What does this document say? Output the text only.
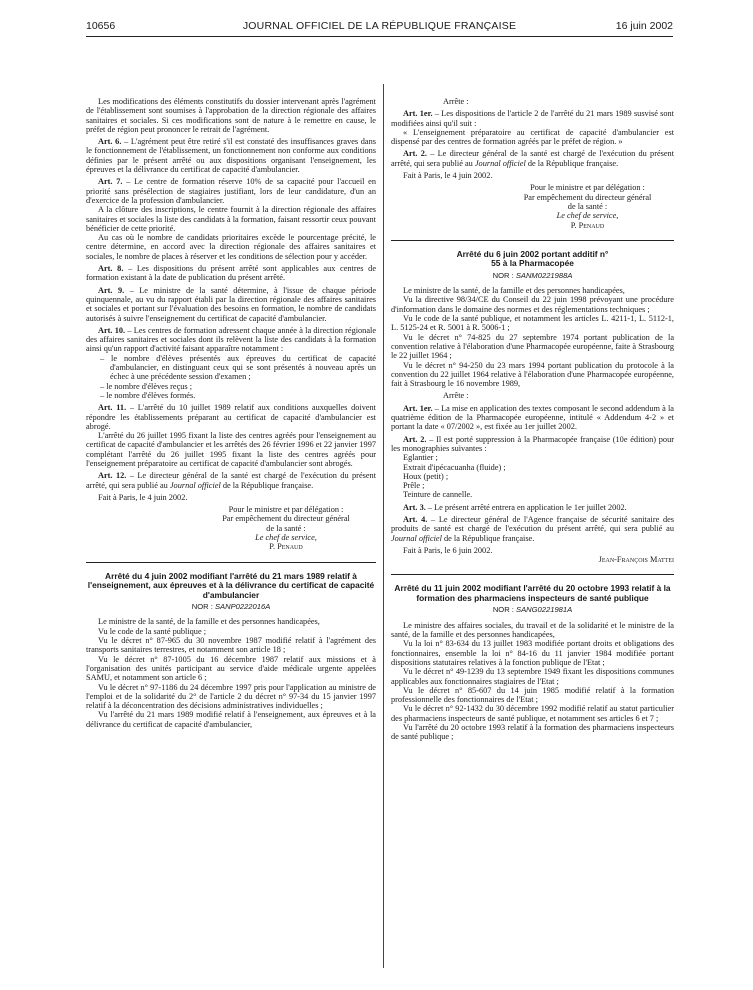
10656	JOURNAL OFFICIEL DE LA RÉPUBLIQUE FRANÇAISE	16 juin 2002

Les modifications des éléments constitutifs du dossier intervenant après l'agrément de l'établissement sont soumises à l'approbation de la direction régionale des affaires sanitaires et sociales. Si ces modifications sont de nature à le remettre en cause, le préfet de région peut prononcer le retrait de l'agrément.

Art. 6. – L'agrément peut être retiré s'il est constaté des insuffisances graves dans le fonctionnement de l'établissement, un fonctionnement non conforme aux conditions définies par le présent arrêté ou aux dispositions organisant l'enseignement, les épreuves et la délivrance du certificat de capacité d'ambulancier.

Art. 7. – Le centre de formation réserve 10% de sa capacité pour l'accueil en priorité sans présélection de stagiaires justifiant, lors de leur candidature, d'un an d'exercice de la profession d'ambulancier.

A la clôture des inscriptions, le centre fournit à la direction régionale des affaires sanitaires et sociales la liste des candidats à la formation, faisant ressortir ceux pouvant bénéficier de cette priorité.

Au cas où le nombre de candidats prioritaires excède le pourcentage précité, le centre détermine, en accord avec la direction régionale des affaires sanitaires et sociales, le nombre de places à réserver et les conditions de sélection pour y accéder.

Art. 8. – Les dispositions du présent arrêté sont applicables aux centres de formation existant à la date de publication du présent arrêté.

Art. 9. – Le ministre de la santé détermine, à l'issue de chaque période quinquennale, au vu du rapport établi par la direction régionale des affaires sanitaires et sociales et portant sur l'évaluation des besoins en formation, le nombre de candidats autorisés à suivre l'enseignement du certificat de capacité d'ambulancier.

Art. 10. – Les centres de formation adressent chaque année à la direction régionale des affaires sanitaires et sociales dont ils relèvent la liste des candidats à la formation ainsi qu'un rapport d'activité faisant apparaître notamment :

– le nombre d'élèves présentés aux épreuves du certificat de capacité d'ambulancier, en distinguant ceux qui se sont présentés à nouveau après un échec à une précédente session d'examen ;

– le nombre d'élèves reçus ;

– le nombre d'élèves formés.

Art. 11. – L'arrêté du 10 juillet 1989 relatif aux conditions auxquelles doivent répondre les établissements préparant au certificat de capacité d'ambulancier est abrogé.

L'arrêté du 26 juillet 1995 fixant la liste des centres agréés pour l'enseignement au certificat de capacité d'ambulancier et les arrêtés des 26 février 1996 et 22 janvier 1997 complétant l'arrêté du 26 juillet 1995 fixant la liste des centres agréés pour l'enseignement préparatoire au certificat de capacité d'ambulancier sont abrogés.

Art. 12. – Le directeur général de la santé est chargé de l'exécution du présent arrêté, qui sera publié au Journal officiel de la République française.

Fait à Paris, le 4 juin 2002.

Pour le ministre et par délégation :

Par empêchement du directeur général

de la santé :

Le chef de service,

P. Penaud

Arrêté du 4 juin 2002 modifiant l'arrêté du 21 mars 1989 relatif à l'enseignement, aux épreuves et à la délivrance du certificat de capacité d'ambulancier

NOR : SANP0222016A

Le ministre de la santé, de la famille et des personnes handicapées,

Vu le code de la santé publique ;

Vu le décret n° 87-965 du 30 novembre 1987 modifié relatif à l'agrément des transports sanitaires terrestres, et notamment son article 18 ;

Vu le décret n° 87-1005 du 16 décembre 1987 relatif aux missions et à l'organisation des unités participant au service d'aide médicale urgente appelées SAMU, et notamment son article 6 ;

Vu le décret n° 97-1186 du 24 décembre 1997 pris pour l'application au ministre de l'emploi et de la solidarité du 2° de l'article 2 du décret n° 97-34 du 15 janvier 1997 relatif à la déconcentration des décisions administratives individuelles ;

Vu l'arrêté du 21 mars 1989 modifié relatif à l'enseignement, aux épreuves et à la délivrance du certificat de capacité d'ambulancier,

Arrête :

Art. 1er. – Les dispositions de l'article 2 de l'arrêté du 21 mars 1989 susvisé sont modifiées ainsi qu'il suit :

« L'enseignement préparatoire au certificat de capacité d'ambulancier est dispensé par des centres de formation agréés par le préfet de région. »

Art. 2. – Le directeur général de la santé est chargé de l'exécution du présent arrêté, qui sera publié au Journal officiel de la République française.

Fait à Paris, le 4 juin 2002.

Pour le ministre et par délégation :

Par empêchement du directeur général

de la santé :

Le chef de service,

P. Penaud

Arrêté du 6 juin 2002 portant additif n° 55 à la Pharmacopée

NOR : SANM0221988A

Le ministre de la santé, de la famille et des personnes handicapées,

Vu la directive 98/34/CE du Conseil du 22 juin 1998 prévoyant une procédure d'information dans le domaine des normes et des réglementations techniques ;

Vu le code de la santé publique, et notamment les articles L. 4211-1, L. 5112-1, L. 5125-24 et R. 5001 à R. 5006-1 ;

Vu le décret n° 74-825 du 27 septembre 1974 portant publication de la convention relative à l'élaboration d'une Pharmacopée européenne, faite à Strasbourg le 22 juillet 1964 ;

Vu le décret n° 94-250 du 23 mars 1994 portant publication du protocole à la convention du 22 juillet 1964 relative à l'élaboration d'une Pharmacopée européenne, fait à Strasbourg le 16 novembre 1989,

Arrête :

Art. 1er. – La mise en application des textes composant le second addendum à la quatrième édition de la Pharmacopée européenne, intitulé « Addendum 4-2 » et portant la date « 07/2002 », est fixée au 1er juillet 2002.

Art. 2. – Il est porté suppression à la Pharmacopée française (10e édition) pour les monographies suivantes :

Eglantier ;

Extrait d'ipécacuanha (fluide) ;

Houx (petit) ;

Prêle ;

Teinture de cannelle.

Art. 3. – Le présent arrêté entrera en application le 1er juillet 2002.

Art. 4. – Le directeur général de l'Agence française de sécurité sanitaire des produits de santé est chargé de l'exécution du présent arrêté, qui sera publié au Journal officiel de la République française.

Fait à Paris, le 6 juin 2002.

Jean-François Mattei

Arrêté du 11 juin 2002 modifiant l'arrêté du 20 octobre 1993 relatif à la formation des pharmaciens inspecteurs de santé publique

NOR : SANG0221981A

Le ministre des affaires sociales, du travail et de la solidarité et le ministre de la santé, de la famille et des personnes handicapées,

Vu la loi n° 83-634 du 13 juillet 1983 modifiée portant droits et obligations des fonctionnaires, ensemble la loi n° 84-16 du 11 janvier 1984 modifiée portant dispositions statutaires relatives à la fonction publique de l'Etat ;

Vu le décret n° 49-1239 du 13 septembre 1949 fixant les dispositions communes applicables aux fonctionnaires stagiaires de l'Etat ;

Vu le décret n° 85-607 du 14 juin 1985 modifié relatif à la formation professionnelle des fonctionnaires de l'Etat ;

Vu le décret n° 92-1432 du 30 décembre 1992 modifié relatif au statut particulier des pharmaciens inspecteurs de santé publique, et notamment ses articles 6 et 7 ;

Vu l'arrêté du 20 octobre 1993 relatif à la formation des pharmaciens inspecteurs de santé publique ;
